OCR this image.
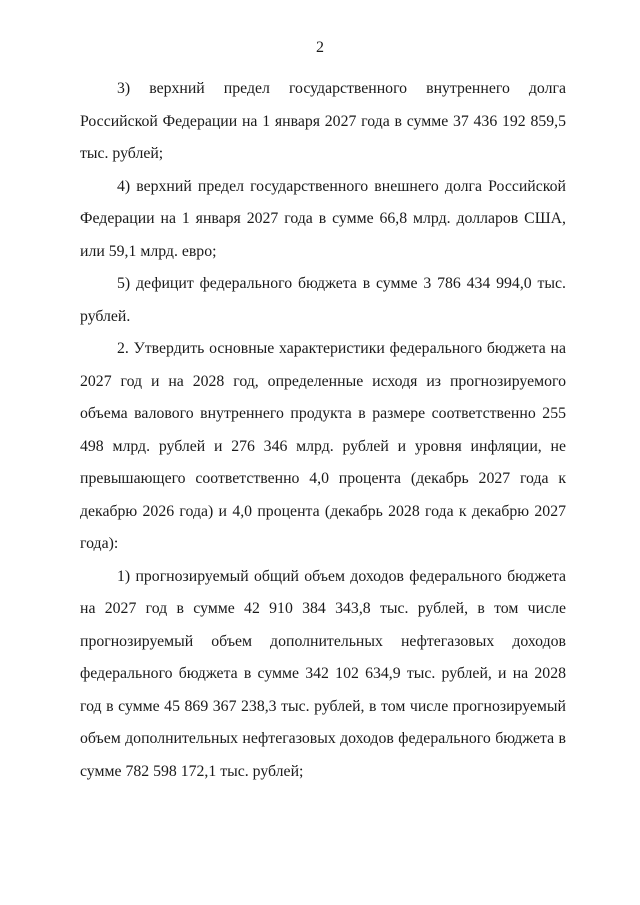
2

3) верхний предел государственного внутреннего долга Российской Федерации на 1 января 2027 года в сумме 37 436 192 859,5 тыс. рублей;

4) верхний предел государственного внешнего долга Российской Федерации на 1 января 2027 года в сумме 66,8 млрд. долларов США, или 59,1 млрд. евро;

5) дефицит федерального бюджета в сумме 3 786 434 994,0 тыс. рублей.

2. Утвердить основные характеристики федерального бюджета на 2027 год и на 2028 год, определенные исходя из прогнозируемого объема валового внутреннего продукта в размере соответственно 255 498 млрд. рублей и 276 346 млрд. рублей и уровня инфляции, не превышающего соответственно 4,0 процента (декабрь 2027 года к декабрю 2026 года) и 4,0 процента (декабрь 2028 года к декабрю 2027 года):

1) прогнозируемый общий объем доходов федерального бюджета на 2027 год в сумме 42 910 384 343,8 тыс. рублей, в том числе прогнозируемый объем дополнительных нефтегазовых доходов федерального бюджета в сумме 342 102 634,9 тыс. рублей, и на 2028 год в сумме 45 869 367 238,3 тыс. рублей, в том числе прогнозируемый объем дополнительных нефтегазовых доходов федерального бюджета в сумме 782 598 172,1 тыс. рублей;
